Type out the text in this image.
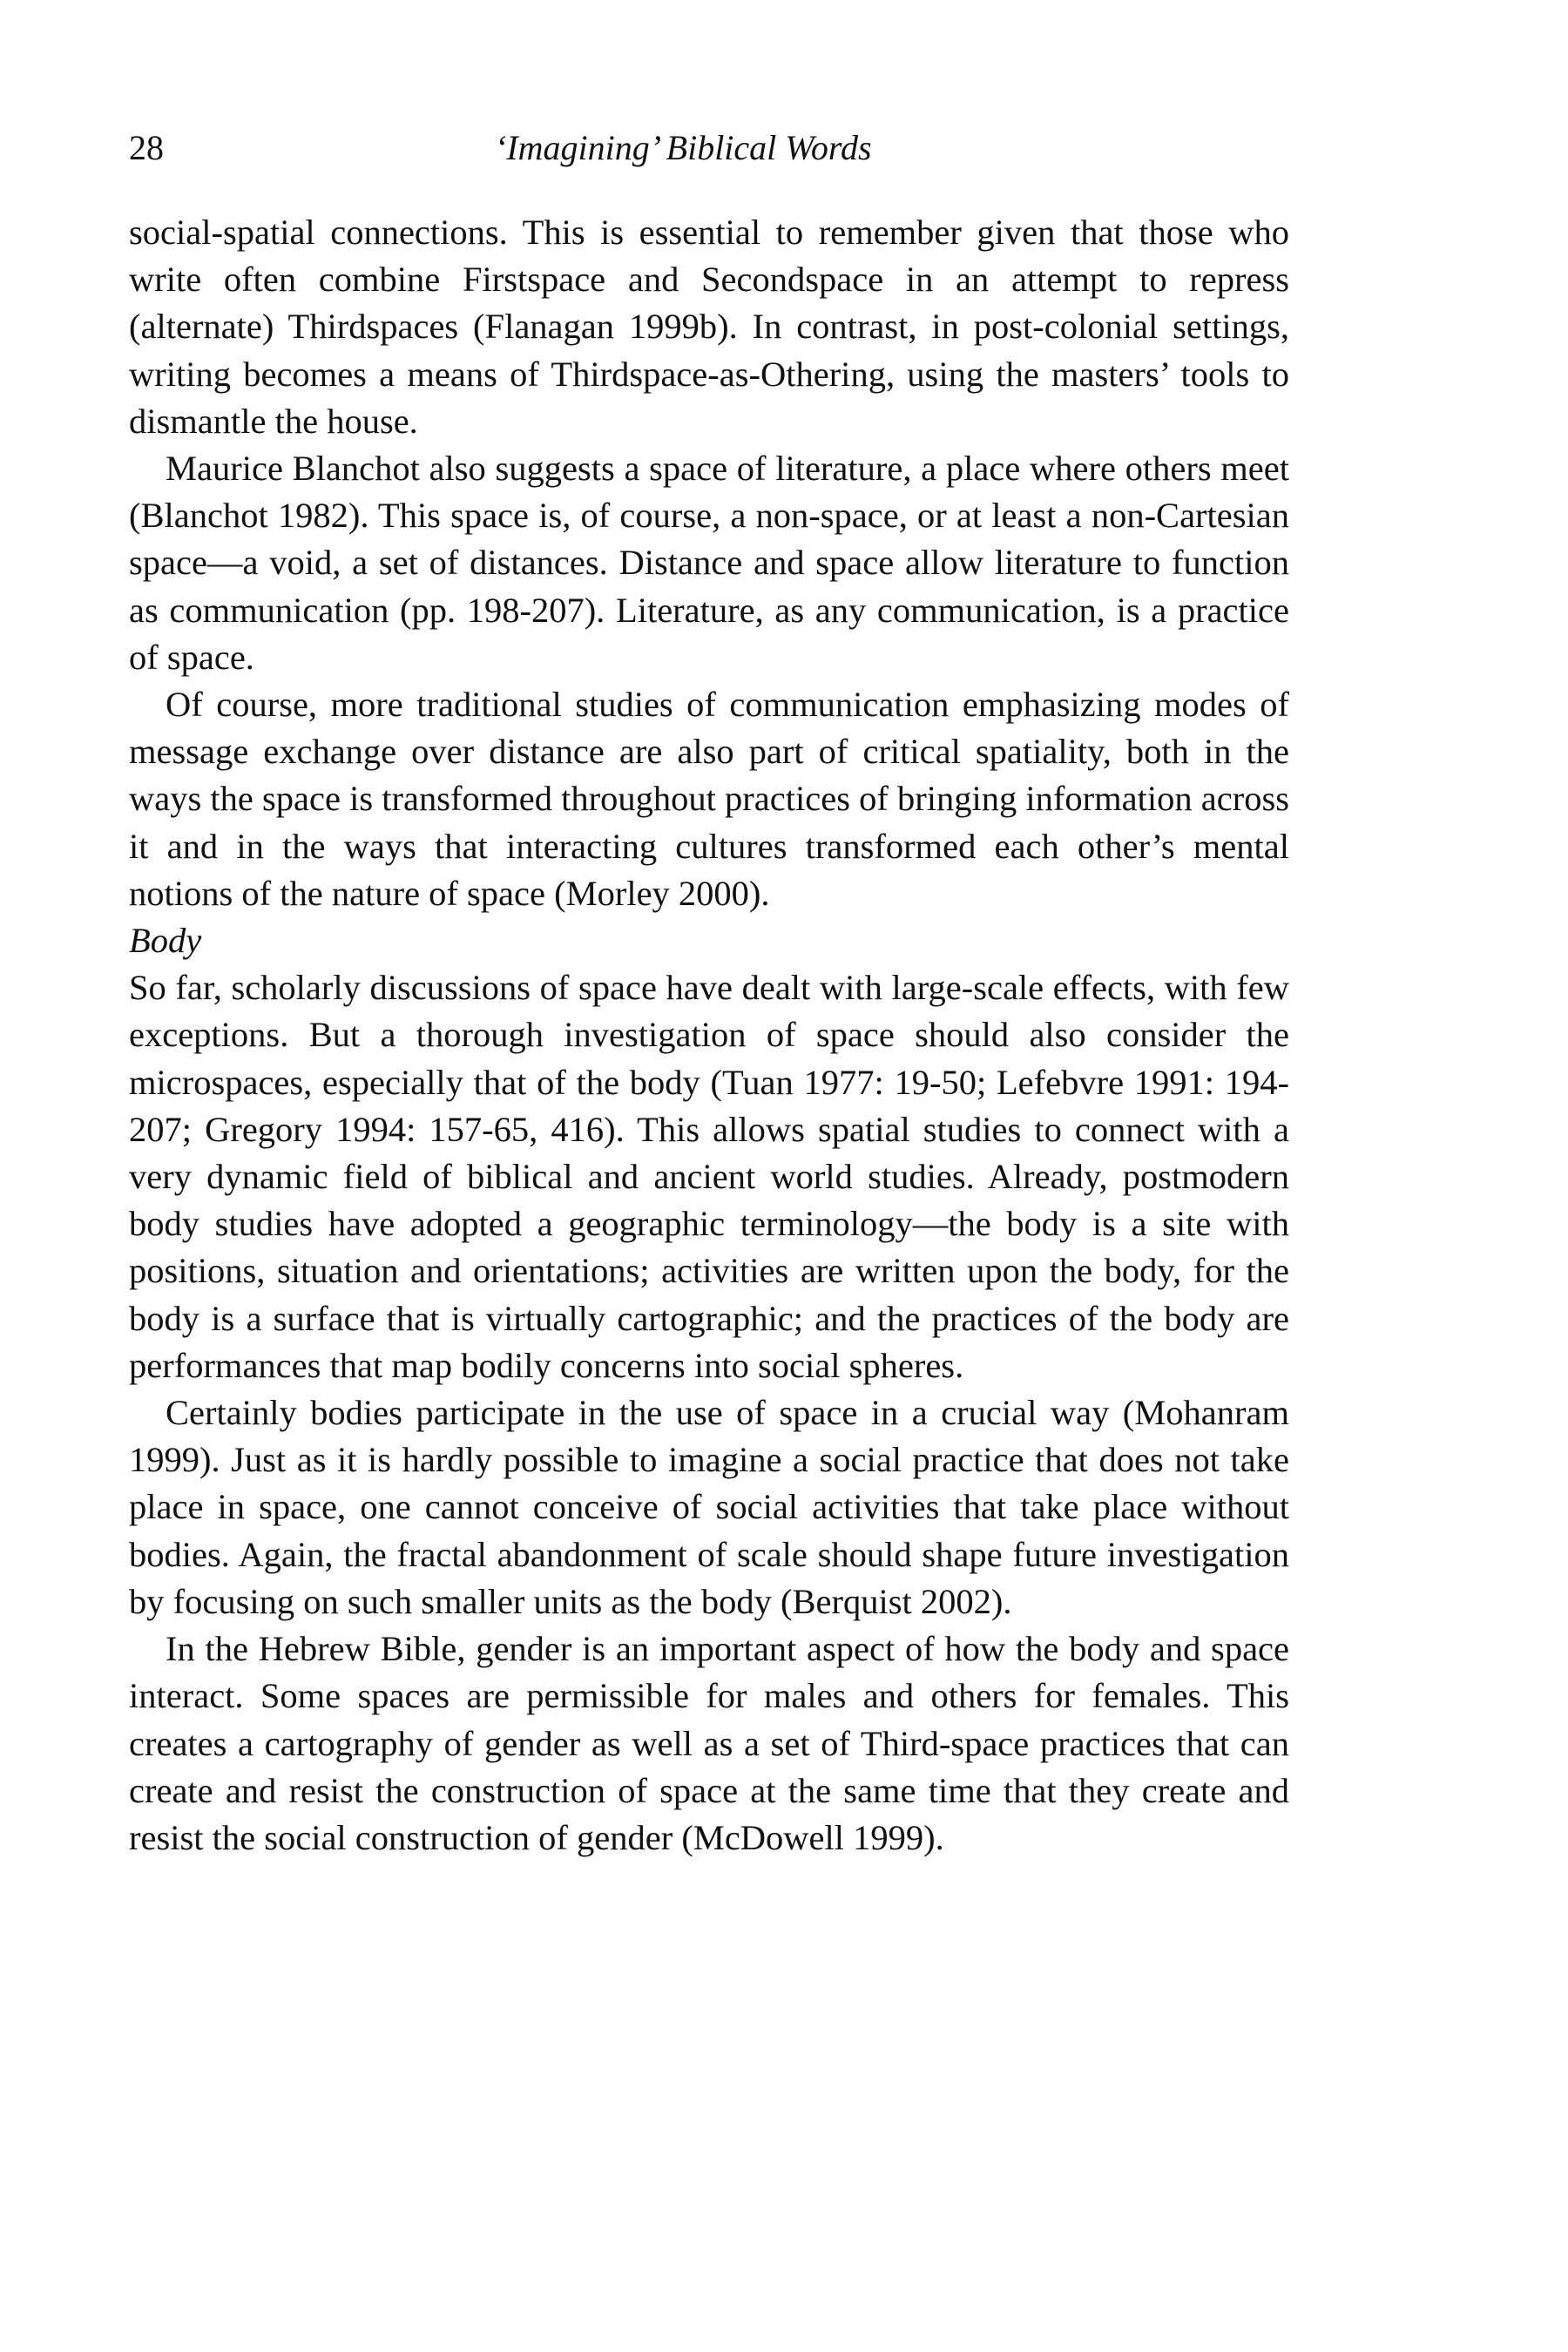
28	‘Imagining’ Biblical Words

social-spatial connections. This is essential to remember given that those who write often combine Firstspace and Secondspace in an attempt to repress (alternate) Thirdspaces (Flanagan 1999b). In contrast, in post-colonial settings, writing becomes a means of Thirdspace-as-Othering, using the masters’ tools to dismantle the house.

Maurice Blanchot also suggests a space of literature, a place where others meet (Blanchot 1982). This space is, of course, a non-space, or at least a non-Cartesian space—a void, a set of distances. Distance and space allow literature to function as communication (pp. 198-207). Literature, as any communication, is a practice of space.

Of course, more traditional studies of communication emphasizing modes of message exchange over distance are also part of critical spatiality, both in the ways the space is transformed throughout practices of bringing information across it and in the ways that interacting cultures transformed each other’s mental notions of the nature of space (Morley 2000).

Body

So far, scholarly discussions of space have dealt with large-scale effects, with few exceptions. But a thorough investigation of space should also consider the microspaces, especially that of the body (Tuan 1977: 19-50; Lefebvre 1991: 194-207; Gregory 1994: 157-65, 416). This allows spatial studies to connect with a very dynamic field of biblical and ancient world studies. Already, postmodern body studies have adopted a geographic terminology—the body is a site with positions, situation and orientations; activities are written upon the body, for the body is a surface that is virtually cartographic; and the practices of the body are performances that map bodily concerns into social spheres.

Certainly bodies participate in the use of space in a crucial way (Mohanram 1999). Just as it is hardly possible to imagine a social practice that does not take place in space, one cannot conceive of social activities that take place without bodies. Again, the fractal abandonment of scale should shape future investigation by focusing on such smaller units as the body (Berquist 2002).

In the Hebrew Bible, gender is an important aspect of how the body and space interact. Some spaces are permissible for males and others for females. This creates a cartography of gender as well as a set of Third-space practices that can create and resist the construction of space at the same time that they create and resist the social construction of gender (McDowell 1999).
